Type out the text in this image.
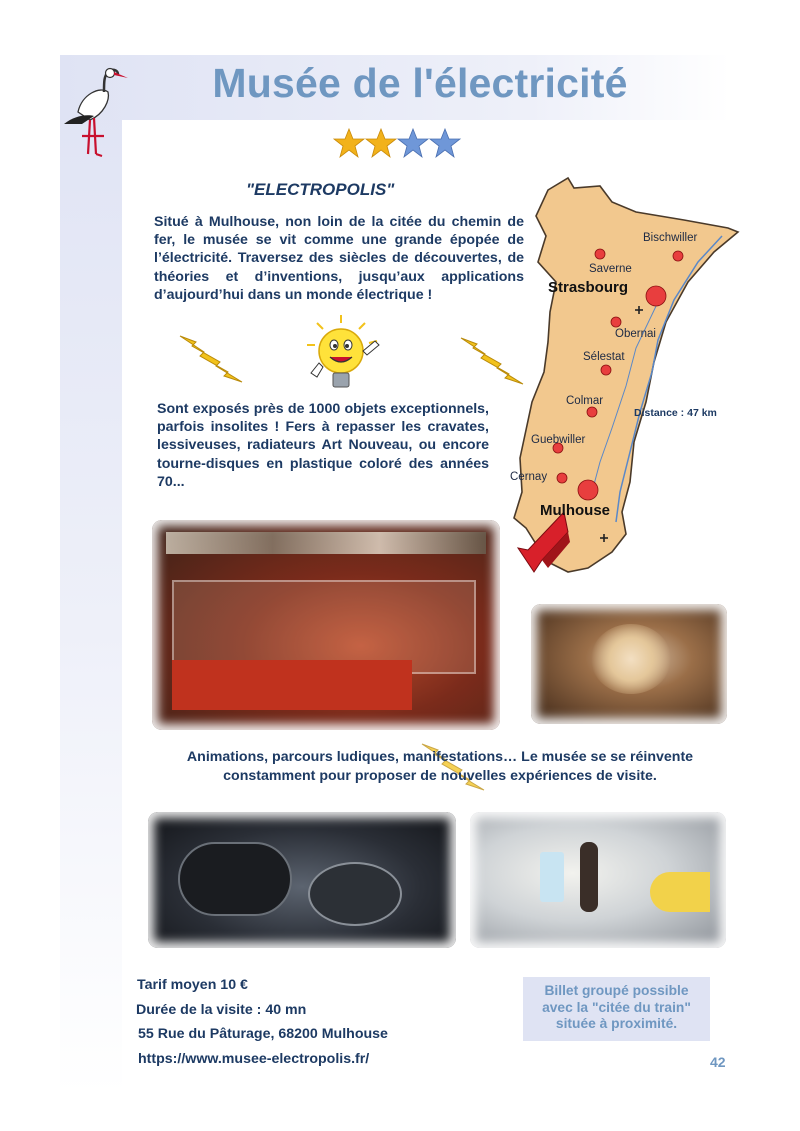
Musée de l'électricité
"ELECTROPOLIS"
Situé à Mulhouse, non loin de la citée du chemin de fer, le musée se vit comme une grande épopée de l’électricité. Traversez des siècles de découvertes, de théories et d’inventions, jusqu’aux applications d’aujourd’hui dans un monde électrique !
Sont exposés près de 1000 objets exceptionnels, parfois insolites ! Fers à repasser les cravates, lessiveuses, radiateurs Art Nouveau, ou encore tourne-disques en plastique coloré des années 70...
Bischwiller
Saverne
Strasbourg
Obernai
Sélestat
Colmar
Distance : 47 km
Guebwiller
Cernay
Mulhouse
Animations, parcours ludiques, manifestations… Le musée se se réinvente
constamment pour proposer de nouvelles expériences de visite.
Tarif moyen 10 €
Durée de la visite : 40 mn
55 Rue du Pâturage, 68200 Mulhouse
https://www.musee-electropolis.fr/
Billet groupé possible
avec la "citée du train"
située à proximité.
42
